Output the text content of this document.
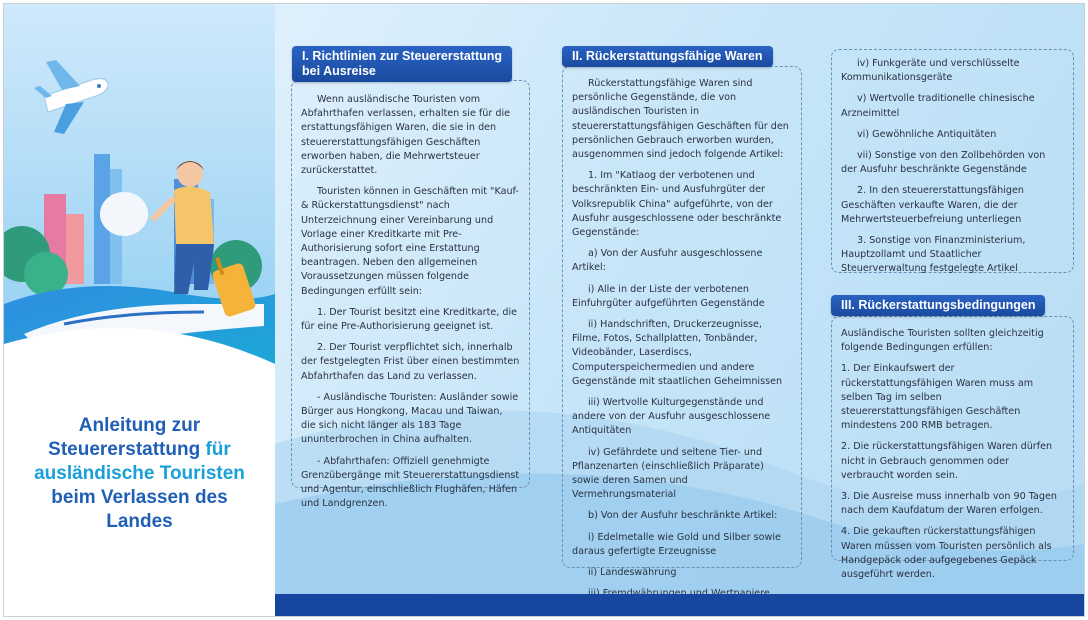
Anleitung zur
Steuererstattung für
ausländische Touristen
beim Verlassen des
Landes
I. Richtlinien zur Steuererstattung
bei Ausreise

Wenn ausländische Touristen vom Abfahrthafen verlassen, erhalten sie für die erstattungsfähigen Waren, die sie in den steuererstattungsfähigen Geschäften erworben haben, die Mehrwertsteuer zurückerstattet.

Touristen können in Geschäften mit "Kauf- & Rückerstattungsdienst" nach Unterzeichnung einer Vereinbarung und Vorlage einer Kreditkarte mit Pre-Authorisierung sofort eine Erstattung beantragen. Neben den allgemeinen Voraussetzungen müssen folgende Bedingungen erfüllt sein:

1. Der Tourist besitzt eine Kreditkarte, die für eine Pre-Authorisierung geeignet ist.

2. Der Tourist verpflichtet sich, innerhalb der festgelegten Frist über einen bestimmten Abfahrthafen das Land zu verlassen.

- Ausländische Touristen: Ausländer sowie Bürger aus Hongkong, Macau und Taiwan, die sich nicht länger als 183 Tage ununterbrochen in China aufhalten.

- Abfahrthafen: Offiziell genehmigte Grenzübergänge mit Steuererstattungsdienst und Agentur, einschließlich Flughäfen, Häfen und Landgrenzen.

II. Rückerstattungsfähige Waren

Rückerstattungsfähige Waren sind persönliche Gegenstände, die von ausländischen Touristen in steuererstattungsfähigen Geschäften für den persönlichen Gebrauch erworben wurden, ausgenommen sind jedoch folgende Artikel:

1. Im "Katlaog der verbotenen und beschränkten Ein- und Ausfuhrgüter der Volksrepublik China" aufgeführte, von der Ausfuhr ausgeschlossene oder beschränkte Gegenstände:

a) Von der Ausfuhr ausgeschlossene Artikel:

i) Alle in der Liste der verbotenen Einfuhrgüter aufgeführten Gegenstände

ii) Handschriften, Druckerzeugnisse, Filme, Fotos, Schallplatten, Tonbänder, Videobänder, Laserdiscs, Computerspeichermedien und andere Gegenstände mit staatlichen Geheimnissen

iii) Wertvolle Kulturgegenstände und andere von der Ausfuhr ausgeschlossene Antiquitäten

iv) Gefährdete und seltene Tier- und Pflanzenarten (einschließlich Präparate) sowie deren Samen und Vermehrungsmaterial

b) Von der Ausfuhr beschränkte Artikel:

i) Edelmetalle wie Gold und Silber sowie daraus gefertigte Erzeugnisse

ii) Landeswährung

iv) Funkgeräte und verschlüsselte Kommunikationsgeräte

v) Wertvolle traditionelle chinesische Arzneimittel

vi) Gewöhnliche Antiquitäten

vii) Sonstige von den Zollbehörden von der Ausfuhr beschränkte Gegenstände

2. In den steuererstattungsfähigen Geschäften verkaufte Waren, die der Mehrwertsteuerbefreiung unterliegen

3. Sonstige von Finanzministerium, Hauptzollamt und Staatlicher Steuerverwaltung festgelegte Artikel

III. Rückerstattungsbedingungen

Ausländische Touristen sollten gleichzeitig folgende Bedingungen erfüllen:

1. Der Einkaufswert der rückerstattungsfähigen Waren muss am selben Tag im selben steuererstattungsfähigen Geschäften mindestens 200 RMB betragen.

2. Die rückerstattungsfähigen Waren dürfen nicht in Gebrauch genommen oder verbraucht worden sein.

3. Die Ausreise muss innerhalb von 90 Tagen nach dem Kaufdatum der Waren erfolgen.

4. Die gekauften rückerstattungsfähigen Waren müssen vom Touristen persönlich als Handgepäck oder aufgegebenes Gepäck ausgeführt werden.
